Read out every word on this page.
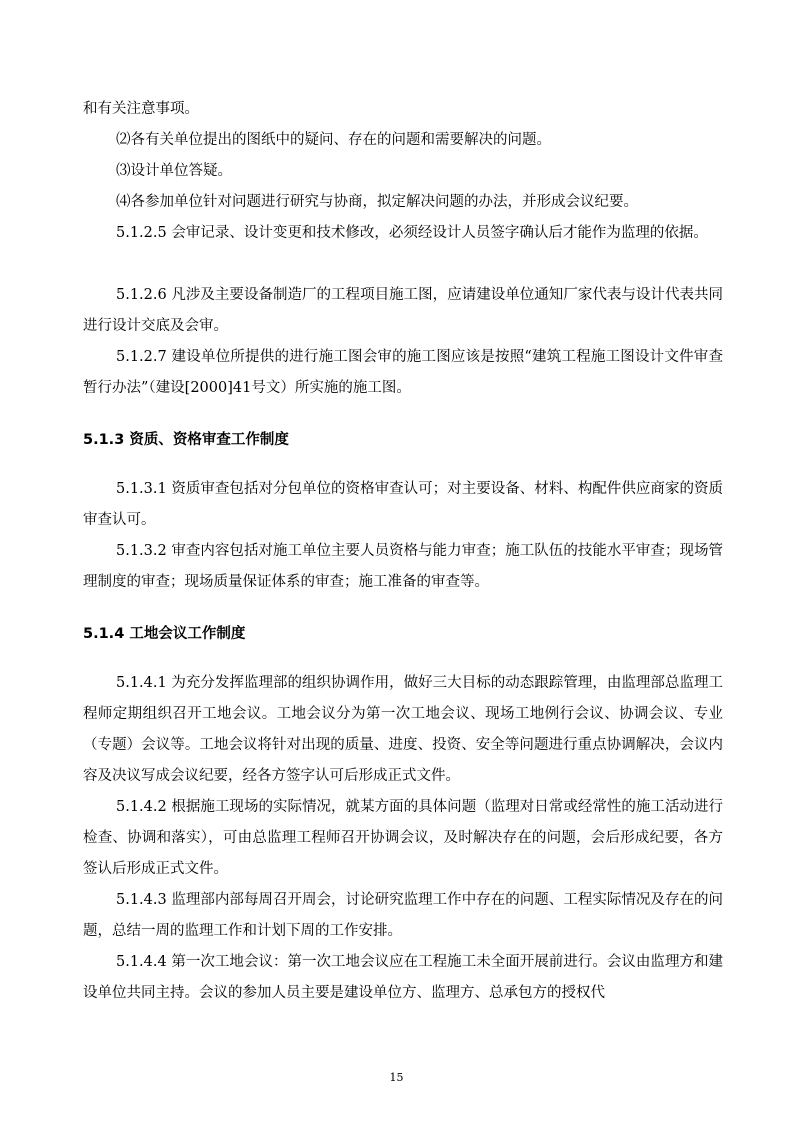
和有关注意事项。

⑵各有关单位提出的图纸中的疑问、存在的问题和需要解决的问题。

⑶设计单位答疑。

⑷各参加单位针对问题进行研究与协商，拟定解决问题的办法，并形成会议纪要。

5.1.2.5 会审记录、设计变更和技术修改，必须经设计人员签字确认后才能作为监理的依据。

5.1.2.6 凡涉及主要设备制造厂的工程项目施工图，应请建设单位通知厂家代表与设计代表共同进行设计交底及会审。

5.1.2.7 建设单位所提供的进行施工图会审的施工图应该是按照“建筑工程施工图设计文件审查暂行办法”（建设[2000]41号文）所实施的施工图。

5.1.3 资质、资格审查工作制度

5.1.3.1 资质审查包括对分包单位的资格审查认可；对主要设备、材料、构配件供应商家的资质审查认可。

5.1.3.2 审查内容包括对施工单位主要人员资格与能力审查；施工队伍的技能水平审查；现场管理制度的审查；现场质量保证体系的审查；施工准备的审查等。

5.1.4 工地会议工作制度

5.1.4.1 为充分发挥监理部的组织协调作用，做好三大目标的动态跟踪管理，由监理部总监理工程师定期组织召开工地会议。工地会议分为第一次工地会议、现场工地例行会议、协调会议、专业（专题）会议等。工地会议将针对出现的质量、进度、投资、安全等问题进行重点协调解决，会议内容及决议写成会议纪要，经各方签字认可后形成正式文件。

5.1.4.2 根据施工现场的实际情况，就某方面的具体问题（监理对日常或经常性的施工活动进行检查、协调和落实），可由总监理工程师召开协调会议，及时解决存在的问题，会后形成纪要，各方签认后形成正式文件。

5.1.4.3 监理部内部每周召开周会，讨论研究监理工作中存在的问题、工程实际情况及存在的问题，总结一周的监理工作和计划下周的工作安排。

5.1.4.4 第一次工地会议：第一次工地会议应在工程施工未全面开展前进行。会议由监理方和建设单位共同主持。会议的参加人员主要是建设单位方、监理方、总承包方的授权代

15
